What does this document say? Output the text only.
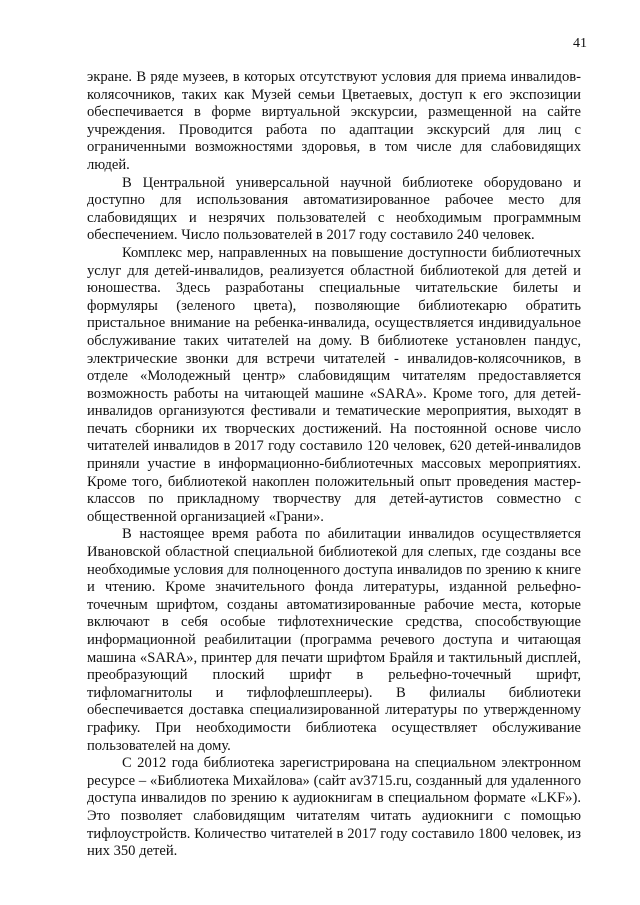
41

экране. В ряде музеев, в которых отсутствуют условия для приема инвалидов-колясочников, таких как Музей семьи Цветаевых, доступ к его экспозиции обеспечивается в форме виртуальной экскурсии, размещенной на сайте учреждения. Проводится работа по адаптации экскурсий для лиц с ограниченными возможностями здоровья, в том числе для слабовидящих людей.

В Центральной универсальной научной библиотеке оборудовано и доступно для использования автоматизированное рабочее место для слабовидящих и незрячих пользователей с необходимым программным обеспечением. Число пользователей в 2017 году составило 240 человек.

Комплекс мер, направленных на повышение доступности библиотечных услуг для детей-инвалидов, реализуется областной библиотекой для детей и юношества. Здесь разработаны специальные читательские билеты и формуляры (зеленого цвета), позволяющие библиотекарю обратить пристальное внимание на ребенка-инвалида, осуществляется индивидуальное обслуживание таких читателей на дому. В библиотеке установлен пандус, электрические звонки для встречи читателей - инвалидов-колясочников, в отделе «Молодежный центр» слабовидящим читателям предоставляется возможность работы на читающей машине «SARA». Кроме того, для детей-инвалидов организуются фестивали и тематические мероприятия, выходят в печать сборники их творческих достижений. На постоянной основе число читателей инвалидов в 2017 году составило 120 человек, 620 детей-инвалидов приняли участие в информационно-библиотечных массовых мероприятиях. Кроме того, библиотекой накоплен положительный опыт проведения мастер-классов по прикладному творчеству для детей-аутистов совместно с общественной организацией «Грани».

В настоящее время работа по абилитации инвалидов осуществляется Ивановской областной специальной библиотекой для слепых, где созданы все необходимые условия для полноценного доступа инвалидов по зрению к книге и чтению. Кроме значительного фонда литературы, изданной рельефно-точечным шрифтом, созданы автоматизированные рабочие места, которые включают в себя особые тифлотехнические средства, способствующие информационной реабилитации (программа речевого доступа и читающая машина «SARA», принтер для печати шрифтом Брайля и тактильный дисплей, преобразующий плоский шрифт в рельефно-точечный шрифт, тифломагнитолы и тифлофлешплееры). В филиалы библиотеки обеспечивается доставка специализированной литературы по утвержденному графику. При необходимости библиотека осуществляет обслуживание пользователей на дому.

С 2012 года библиотека зарегистрирована на специальном электронном ресурсе – «Библиотека Михайлова» (сайт av3715.ru, созданный для удаленного доступа инвалидов по зрению к аудиокнигам в специальном формате «LKF»). Это позволяет слабовидящим читателям читать аудиокниги с помощью тифлоустройств. Количество читателей в 2017 году составило 1800 человек, из них 350 детей.
